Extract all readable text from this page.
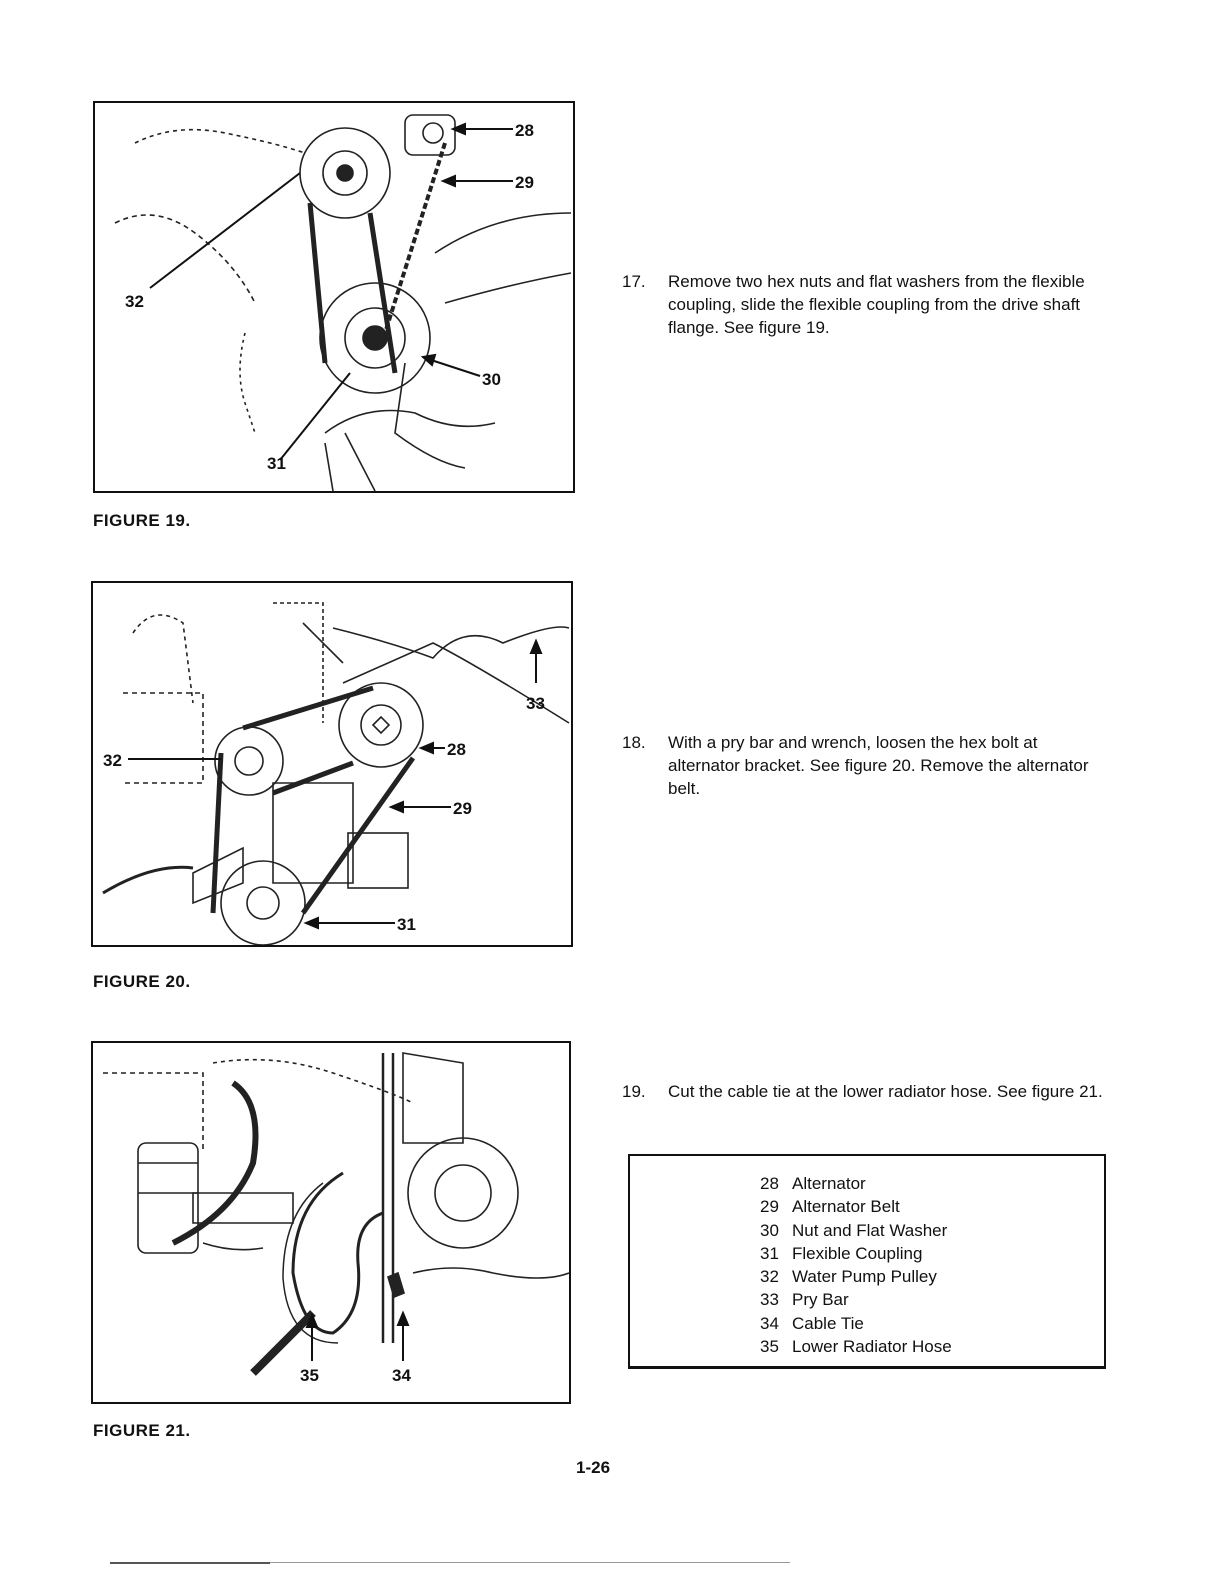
28
29
30
31
32
FIGURE 19.
17. Remove two hex nuts and flat washers from the flexible coupling, slide the flexible coupling from the drive shaft flange. See figure 19.
28
29
31
32
33
FIGURE 20.
18. With a pry bar and wrench, loosen the hex bolt at alternator bracket. See figure 20. Remove the alternator belt.
35	34
FIGURE 21.
19. Cut the cable tie at the lower radiator hose. See figure 21.
28 Alternator
29 Alternator Belt
30 Nut and Flat Washer
31 Flexible Coupling
32 Water Pump Pulley
33 Pry Bar
34 Cable Tie
35 Lower Radiator Hose
1-26
